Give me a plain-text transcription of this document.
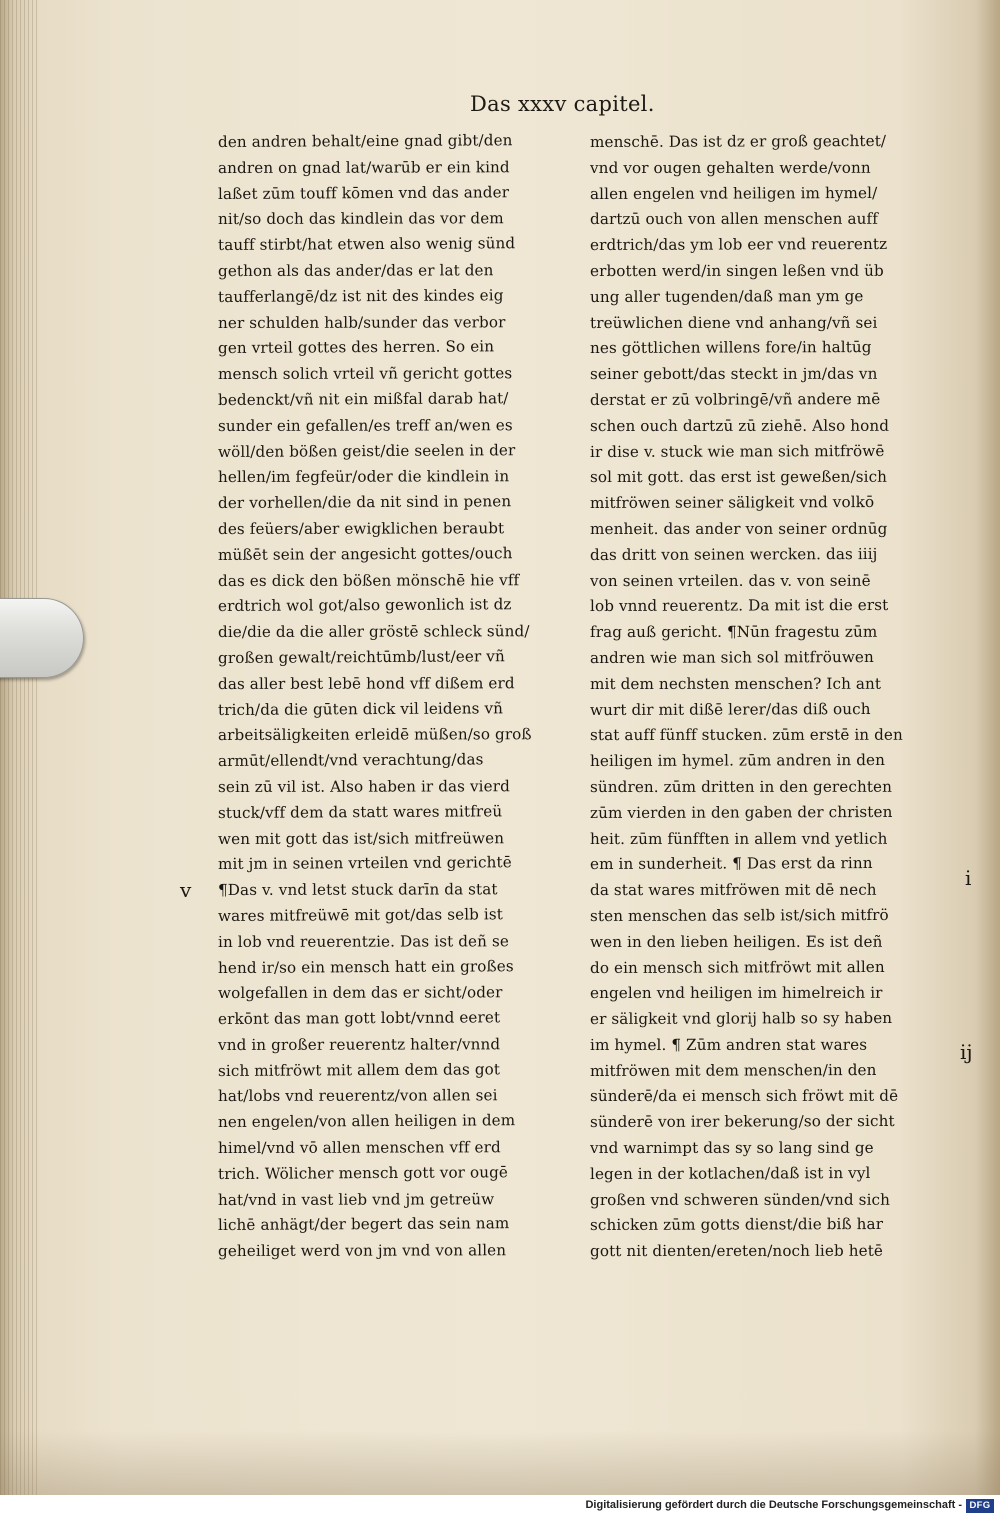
Das xxxv capitel.
den andren behalt/eine gnad gibt/den
andren on gnad lat/warūb er ein kind
laßet zūm touff kōmen vnd das ander
nit/so doch das kindlein das vor dem
tauff stirbt/hat etwen also wenig sünd
gethon als das ander/das er lat den
taufferlangē/dz ist nit des kindes eig
ner schulden halb/sunder das verbor
gen vrteil gottes des herren. So ein
mensch solich vrteil vñ gericht gottes
bedenckt/vñ nit ein mißfal darab hat/
sunder ein gefallen/es treff an/wen es
wöll/den bößen geist/die seelen in der
hellen/im fegfeür/oder die kindlein in
der vorhellen/die da nit sind in penen
des feüers/aber ewigklichen beraubt
müßēt sein der angesicht gottes/ouch
das es dick den bößen mönschē hie vff
erdtrich wol got/also gewonlich ist dz
die/die da die aller gröstē schleck sünd/
großen gewalt/reichtūmb/lust/eer vñ
das aller best lebē hond vff dißem erd
trich/da die gūten dick vil leidens vñ
arbeitsäligkeiten erleidē müßen/so groß
armūt/ellendt/vnd verachtung/das
sein zū vil ist. Also haben ir das vierd
stuck/vff dem da statt wares mitfreü
wen mit gott das ist/sich mitfreüwen
mit jm in seinen vrteilen vnd gerichtē
¶Das v. vnd letst stuck darīn da stat
wares mitfreüwē mit got/das selb ist
in lob vnd reuerentzie. Das ist deñ se
hend ir/so ein mensch hatt ein großes
wolgefallen in dem das er sicht/oder
erkōnt das man gott lobt/vnnd eeret
vnd in großer reuerentz halter/vnnd
sich mitfröwt mit allem dem das got
hat/lobs vnd reuerentz/von allen sei
nen engelen/von allen heiligen in dem
himel/vnd vō allen menschen vff erd
trich. Wölicher mensch gott vor ougē
hat/vnd in vast lieb vnd jm getreüw
lichē anhägt/der begert das sein nam
geheiliget werd von jm vnd von allen
menschē. Das ist dz er groß geachtet/
vnd vor ougen gehalten werde/vonn
allen engelen vnd heiligen im hymel/
dartzū ouch von allen menschen auff
erdtrich/das ym lob eer vnd reuerentz
erbotten werd/in singen leßen vnd üb
ung aller tugenden/daß man ym ge
treüwlichen diene vnd anhang/vñ sei
nes göttlichen willens fore/in haltūg
seiner gebott/das steckt in jm/das vn
derstat er zū volbringē/vñ andere mē
schen ouch dartzū zū ziehē. Also hond
ir dise v. stuck wie man sich mitfröwē
sol mit gott. das erst ist geweßen/sich
mitfröwen seiner säligkeit vnd volkō
menheit. das ander von seiner ordnūg
das dritt von seinen wercken. das iiij
von seinen vrteilen. das v. von seinē
lob vnnd reuerentz. Da mit ist die erst
frag auß gericht. ¶Nūn fragestu zūm
andren wie man sich sol mitfröuwen
mit dem nechsten menschen? Ich ant
wurt dir mit dißē lerer/das diß ouch
stat auff fünff stucken. zūm erstē in den
heiligen im hymel. zūm andren in den
sündren. zūm dritten in den gerechten
zūm vierden in den gaben der christen
heit. zūm fünfften in allem vnd yetlich
em in sunderheit. ¶ Das erst da rinn
da stat wares mitfröwen mit dē nech
sten menschen das selb ist/sich mitfrö
wen in den lieben heiligen. Es ist deñ
do ein mensch sich mitfröwt mit allen
engelen vnd heiligen im himelreich ir
er säligkeit vnd glorij halb so sy haben
im hymel. ¶ Zūm andren stat wares
mitfröwen mit dem menschen/in den
sünderē/da ei mensch sich fröwt mit dē
sünderē von irer bekerung/so der sicht
vnd warnimpt das sy so lang sind ge
legen in der kotlachen/daß ist in vyl
großen vnd schweren sünden/vnd sich
schicken zūm gotts dienst/die biß har
gott nit dienten/ereten/noch lieb hetē
v	i
ij
Digitalisierung gefördert durch die Deutsche Forschungsgemeinschaft - DFG
